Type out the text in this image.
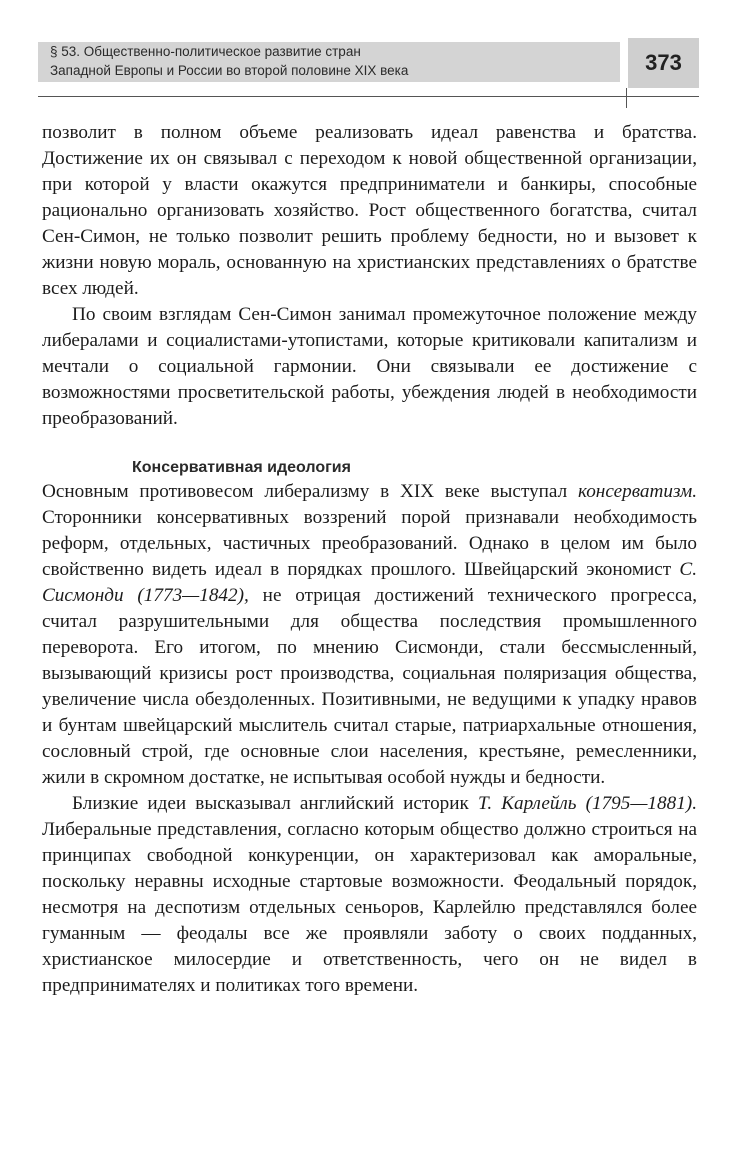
§ 53. Общественно-политическое развитие стран
Западной Европы и России во второй половине XIX века	373

позволит в полном объеме реализовать идеал равенства и братства. Достижение их он связывал с переходом к новой общественной организации, при которой у власти окажутся предприниматели и банкиры, способные рационально организовать хозяйство. Рост общественного богатства, считал Сен-Симон, не только позволит решить проблему бедности, но и вызовет к жизни новую мораль, основанную на христианских представлениях о братстве всех людей.

По своим взглядам Сен-Симон занимал промежуточное положение между либералами и социалистами-утопистами, которые критиковали капитализм и мечтали о социальной гармонии. Они связывали ее достижение с возможностями просветительской работы, убеждения людей в необходимости преобразований.

Консервативная идеология

Основным противовесом либерализму в XIX веке выступал консерватизм. Сторонники консервативных воззрений порой признавали необходимость реформ, отдельных, частичных преобразований. Однако в целом им было свойственно видеть идеал в порядках прошлого. Швейцарский экономист С. Сисмонди (1773—1842), не отрицая достижений технического прогресса, считал разрушительными для общества последствия промышленного переворота. Его итогом, по мнению Сисмонди, стали бессмысленный, вызывающий кризисы рост производства, социальная поляризация общества, увеличение числа обездоленных. Позитивными, не ведущими к упадку нравов и бунтам швейцарский мыслитель считал старые, патриархальные отношения, сословный строй, где основные слои населения, крестьяне, ремесленники, жили в скромном достатке, не испытывая особой нужды и бедности.

Близкие идеи высказывал английский историк Т. Карлейль (1795—1881). Либеральные представления, согласно которым общество должно строиться на принципах свободной конкуренции, он характеризовал как аморальные, поскольку неравны исходные стартовые возможности. Феодальный порядок, несмотря на деспотизм отдельных сеньоров, Карлейлю представлялся более гуманным — феодалы все же проявляли заботу о своих подданных, христианское милосердие и ответственность, чего он не видел в предпринимателях и политиках того времени.
